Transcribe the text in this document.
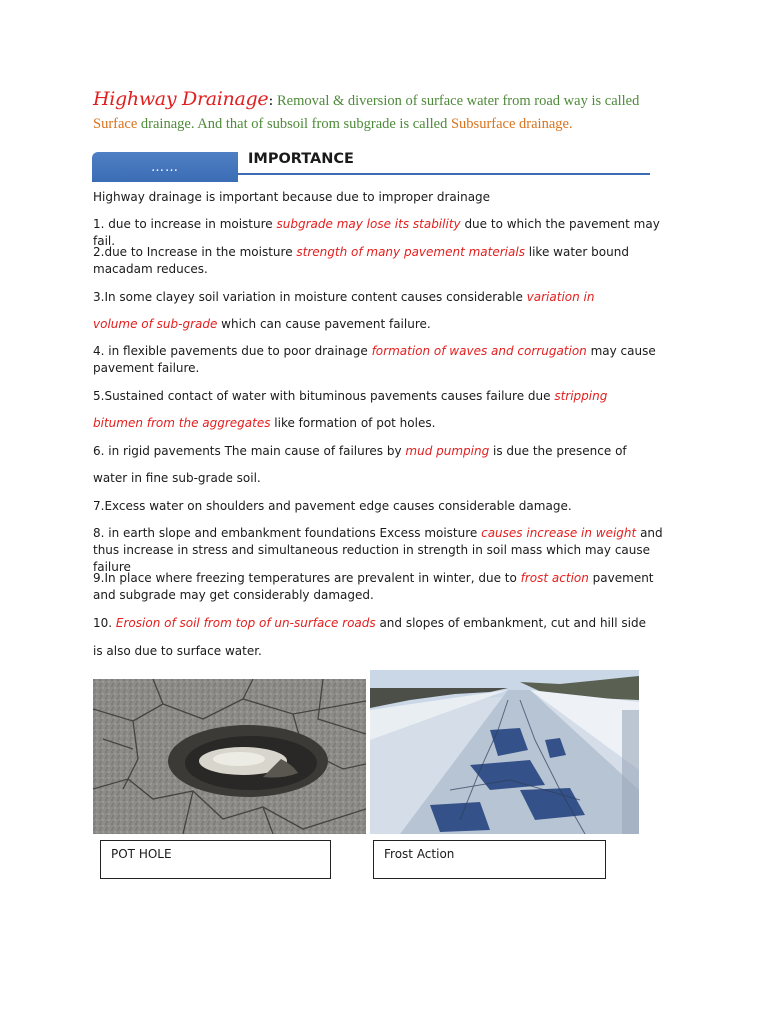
Highway Drainage: Removal & diversion of surface water from road way is called Surface drainage. And that of subsoil from subgrade is called Subsurface drainage.
……
IMPORTANCE
Highway drainage is important because due to improper drainage
1. due to increase in moisture subgrade may lose its stability due to which the pavement may fail.
2.due to Increase in the moisture strength of many pavement materials like water bound macadam reduces.
3.In some clayey soil variation in moisture content causes considerable variation in
volume of sub-grade which can cause pavement failure.
4. in flexible pavements due to poor drainage formation of waves and corrugation may cause pavement failure.
5.Sustained contact of water with bituminous pavements causes failure due stripping
bitumen from the aggregates like formation of pot holes.
6. in rigid pavements The main cause of failures by mud pumping is due the presence of
water in fine sub-grade soil.
7.Excess water on shoulders and pavement edge causes considerable damage.
8. in earth slope and embankment foundations Excess moisture causes increase in weight and thus increase in stress and simultaneous reduction in strength in soil mass which may cause failure
9.In place where freezing temperatures are prevalent in winter, due to frost action pavement and subgrade may get considerably damaged.
10. Erosion of soil from top of un-surface roads and slopes of embankment, cut and hill side
is also due to surface water.
POT HOLE	Frost Action
